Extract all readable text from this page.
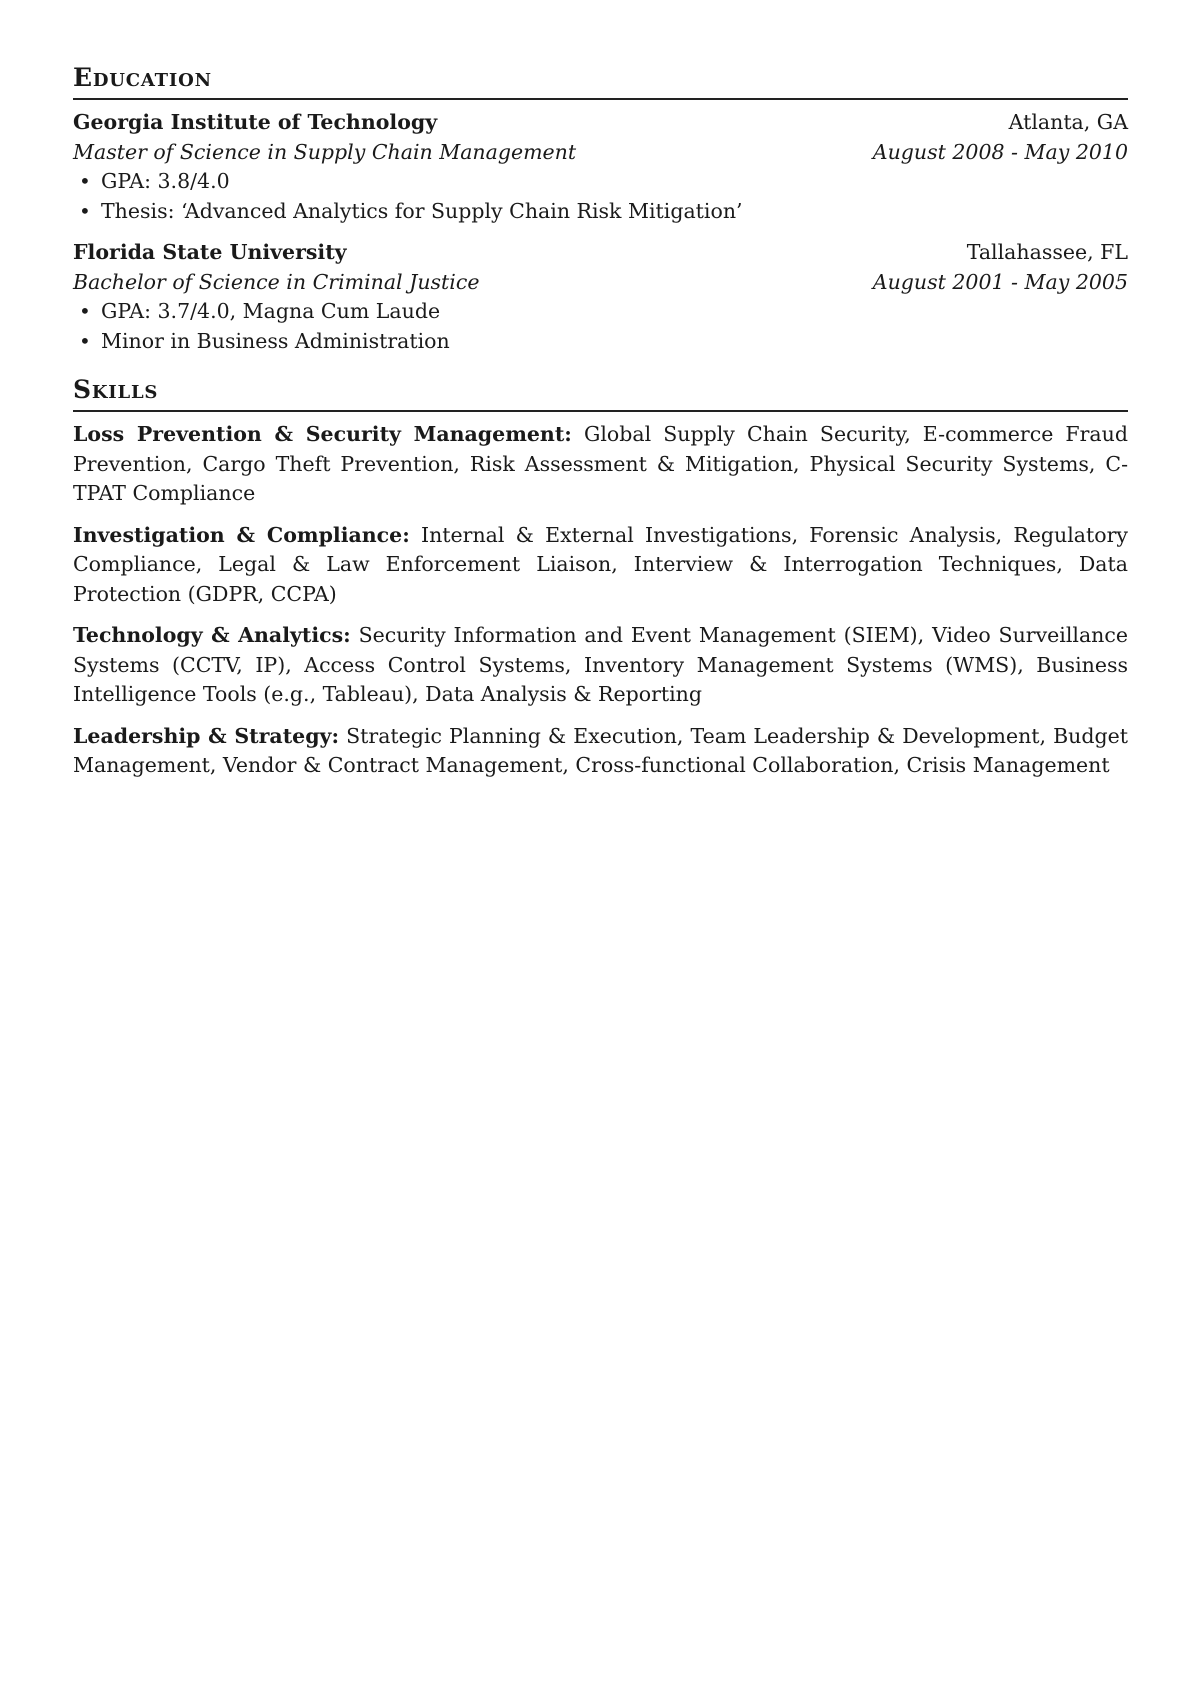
Education
Georgia Institute of Technology	Atlanta, GA
Master of Science in Supply Chain Management	August 2008 - May 2010
• GPA: 3.8/4.0
• Thesis: ‘Advanced Analytics for Supply Chain Risk Mitigation’
Florida State University	Tallahassee, FL
Bachelor of Science in Criminal Justice	August 2001 - May 2005
• GPA: 3.7/4.0, Magna Cum Laude
• Minor in Business Administration
Skills
Loss Prevention & Security Management: Global Supply Chain Security, E-commerce Fraud Prevention, Cargo Theft Prevention, Risk Assessment & Mitigation, Physical Security Systems, C-TPAT Compliance
Investigation & Compliance: Internal & External Investigations, Forensic Analysis, Regulatory Compliance, Legal & Law Enforcement Liaison, Interview & Interrogation Techniques, Data Protection (GDPR, CCPA)
Technology & Analytics: Security Information and Event Management (SIEM), Video Surveillance Systems (CCTV, IP), Access Control Systems, Inventory Management Systems (WMS), Business Intelligence Tools (e.g., Tableau), Data Analysis & Reporting
Leadership & Strategy: Strategic Planning & Execution, Team Leadership & Development, Budget Management, Vendor & Contract Management, Cross-functional Collaboration, Crisis Management
